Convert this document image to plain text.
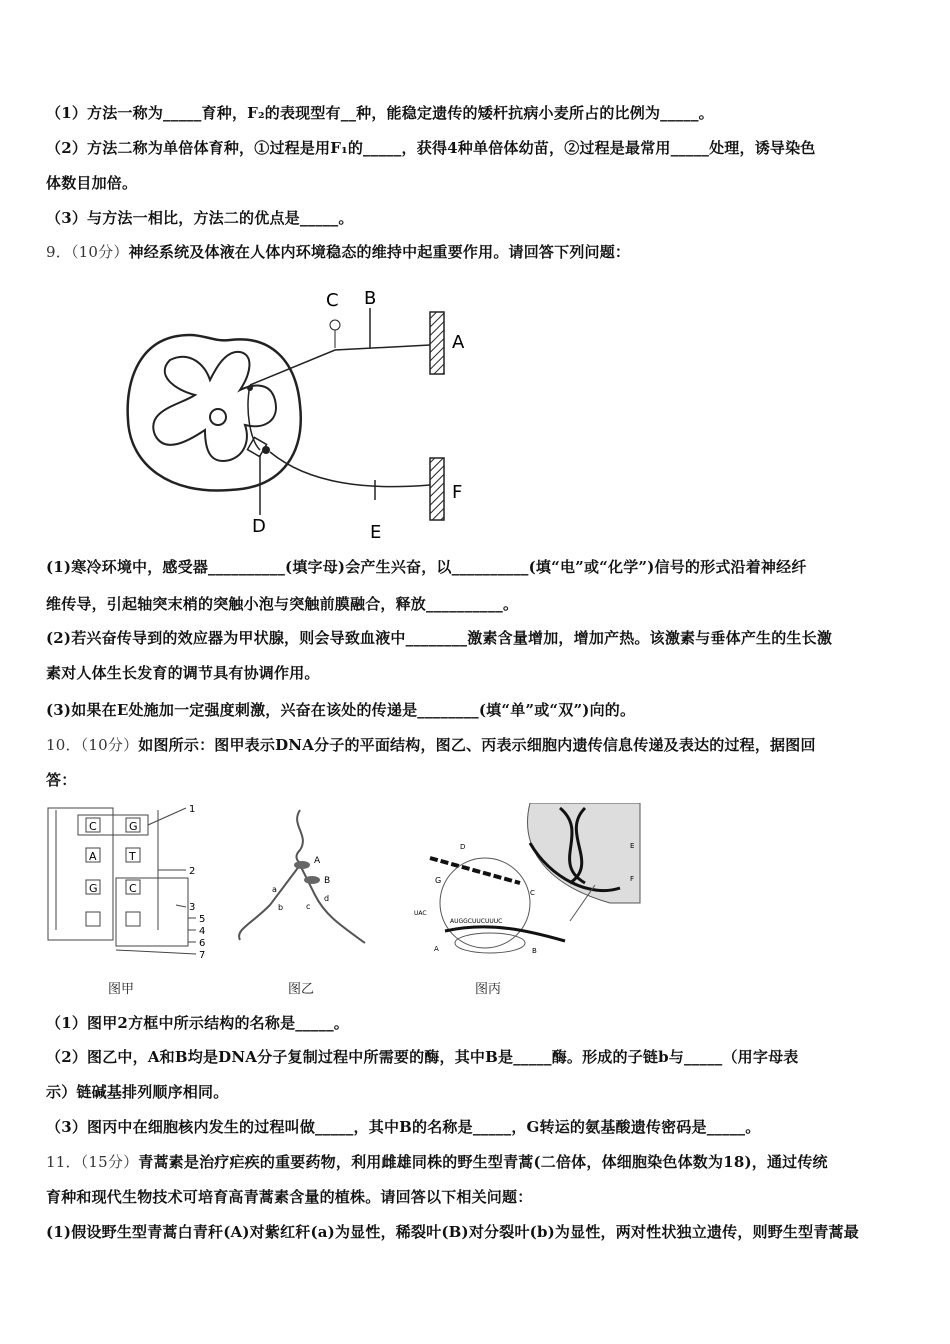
（1）方法一称为_____育种，F₂的表现型有__种，能稳定遗传的矮杆抗病小麦所占的比例为_____。
（2）方法二称为单倍体育种，①过程是用F₁的_____，获得4种单倍体幼苗，②过程是最常用_____处理，诱导染色
体数目加倍。
（3）与方法一相比，方法二的优点是_____。
9．（10分）神经系统及体液在人体内环境稳态的维持中起重要作用。请回答下列问题：
C B
A
F
D	E
(1)寒冷环境中，感受器__________(填字母)会产生兴奋，以__________(填“电”或“化学”)信号的形式沿着神经纤
维传导，引起轴突末梢的突触小泡与突触前膜融合，释放__________。
(2)若兴奋传导到的效应器为甲状腺，则会导致血液中________激素含量增加，增加产热。该激素与垂体产生的生长激
素对人体生长发育的调节具有协调作用。
(3)如果在E处施加一定强度刺激，兴奋在该处的传递是________(填“单”或“双”)向的。
10．（10分）如图所示：图甲表示DNA分子的平面结构，图乙、丙表示细胞内遗传信息传递及表达的过程，据图回
答：
C
A
G
G
T
C
1
2
3
5
4
6
7
图甲
A
B
a
b	c
d
图乙
D
G
C
E
F
A	B
UAC
AUGGCUUCUUUC
图丙
（1）图甲2方框中所示结构的名称是_____。
（2）图乙中，A和B均是DNA分子复制过程中所需要的酶，其中B是_____酶。形成的子链b与_____（用字母表
示）链碱基排列顺序相同。
（3）图丙中在细胞核内发生的过程叫做_____，其中B的名称是_____，G转运的氨基酸遗传密码是_____。
11．（15分）青蒿素是治疗疟疾的重要药物，利用雌雄同株的野生型青蒿(二倍体，体细胞染色体数为18)，通过传统
育种和现代生物技术可培育高青蒿素含量的植株。请回答以下相关问题：
(1)假设野生型青蒿白青秆(A)对紫红秆(a)为显性，稀裂叶(B)对分裂叶(b)为显性，两对性状独立遗传，则野生型青蒿最
